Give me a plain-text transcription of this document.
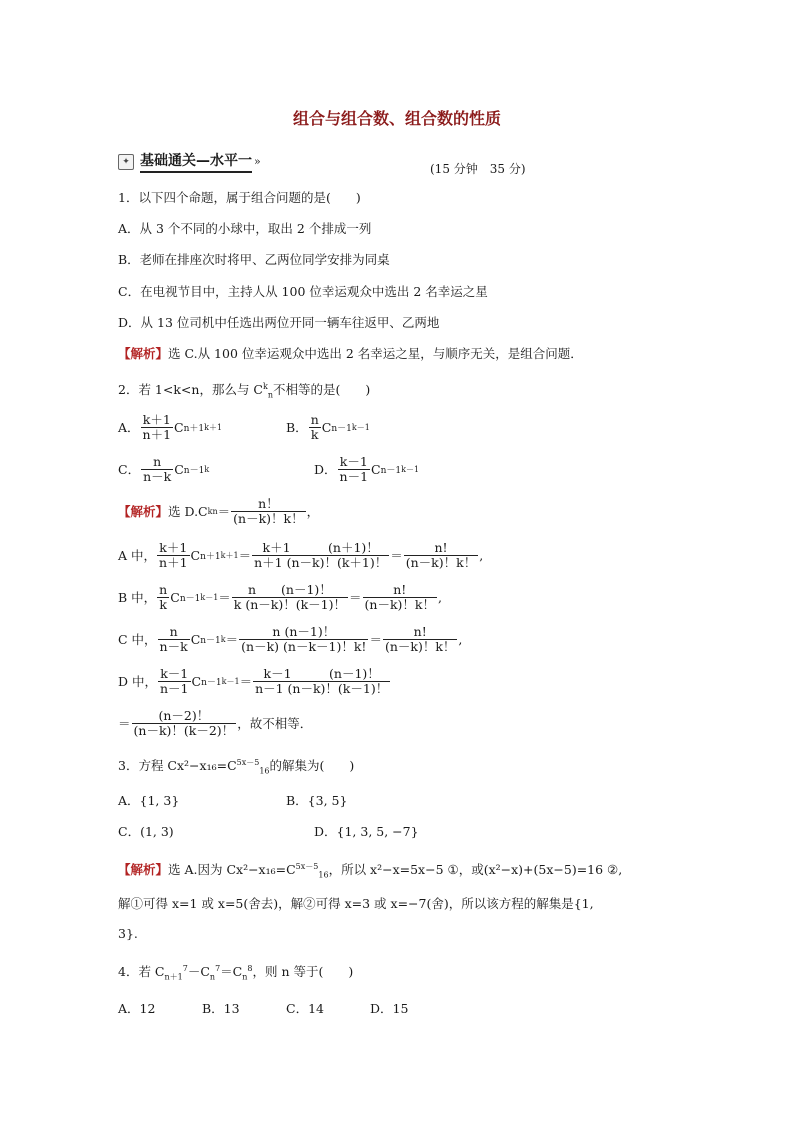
组合与组合数、组合数的性质
✦ 基础通关—水平一 »
(15 分钟　35 分)
1．以下四个命题，属于组合问题的是(　　)
A．从 3 个不同的小球中，取出 2 个排成一列
B．老师在排座次时将甲、乙两位同学安排为同桌
C．在电视节目中，主持人从 100 位幸运观众中选出 2 名幸运之星
D．从 13 位司机中任选出两位开同一辆车往返甲、乙两地
【解析】选 C.从 100 位幸运观众中选出 2 名幸运之星，与顺序无关，是组合问题．
2．若 1<k<n，那么与 $C^k_n$不相等的是(　　)
A． $\frac{k+1}{n+1}$ C n＋1 k＋1	B． $\frac{n}{k}$ C n－1 k－1
C． $\frac{n}{n-k}$ C n－1 k	D． $\frac{k-1}{n-1}$ C n－1 k－1
【解析】 选 D.C k $n = \frac{n!}{(n-k)!k!}$ ，
A 中， $\frac{k+1}{n+1}$ C n＋1 $k+1 = \frac{k+1 (n+1)!}{n+1 (n-k)!(k+1)!} = \frac{n!}{(n-k)!k!}$ ,
B 中， $\frac{n}{k}$ C n－1 $k-1 = \frac{n (n-1)!}{k (n-k)!(k-1)!} = \frac{n!}{(n-k)!k!}$ ,
C 中， $\frac{n}{n-k}$ C n－1 $k = \frac{n (n-1)!}{(n-k) (n-k-1)!k!} = \frac{n!}{(n-k)!k!}$ ,
D 中， $\frac{k-1}{n-1}$ C n－1 $k-1 = \frac{k-1 (n-1)!}{n-1 (n-k)!(k-1)!}$
＝ $\frac{(n-2)!}{(n-k)!(k-2)!}$ ，故不相等．
3．方程 $Cx^2-x_{16}=C^{5x-5}_{16}$的解集为(　　)
A．{1, 3}	B．{3, 5}
C．(1, 3)	D．{1, 3, 5, −7}
【解析】选 A.因为 $Cx^2-x_{16}=C^{5x-5}_{16}$，所以 x²−x=5x−5 ①，或(x²−x)+(5x−5)=16 ②,
解①可得 x=1 或 x=5(舍去)，解②可得 x=3 或 x=−7(舍)，所以该方程的解集是{1,
3}.
4．若 $C_{n+1}^7-C_n^7=C_n^8$，则 n 等于(　　)
A．12	B．13	C．14	D．15
